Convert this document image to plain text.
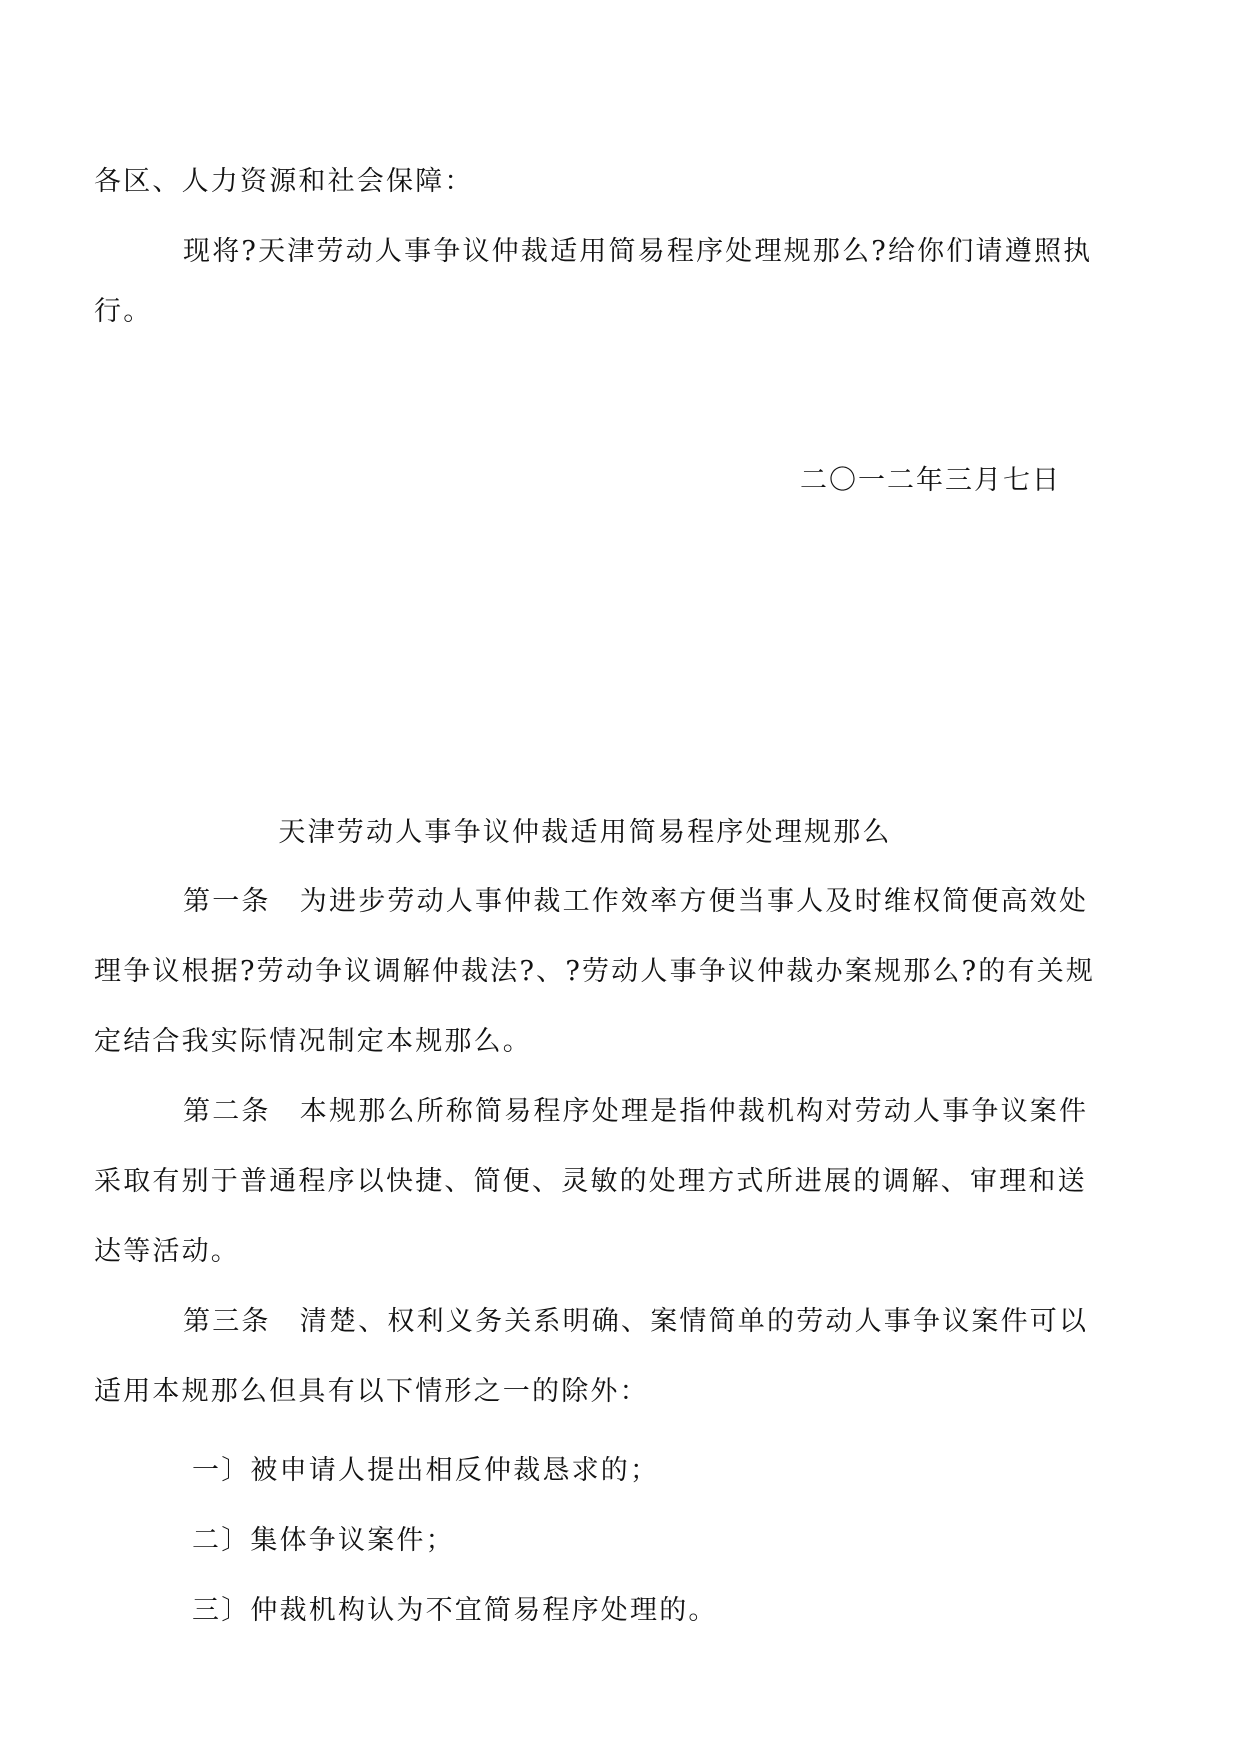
各区、人力资源和社会保障：
现将?天津劳动人事争议仲裁适用简易程序处理规那么?给你们请遵照执
行。
二〇一二年三月七日
天津劳动人事争议仲裁适用简易程序处理规那么
第一条　为进步劳动人事仲裁工作效率方便当事人及时维权简便高效处
理争议根据?劳动争议调解仲裁法?、?劳动人事争议仲裁办案规那么?的有关规
定结合我实际情况制定本规那么。
第二条　本规那么所称简易程序处理是指仲裁机构对劳动人事争议案件
采取有别于普通程序以快捷、简便、灵敏的处理方式所进展的调解、审理和送
达等活动。
第三条　清楚、权利义务关系明确、案情简单的劳动人事争议案件可以
适用本规那么但具有以下情形之一的除外：
一〕被申请人提出相反仲裁恳求的；
二〕集体争议案件；
三〕仲裁机构认为不宜简易程序处理的。
